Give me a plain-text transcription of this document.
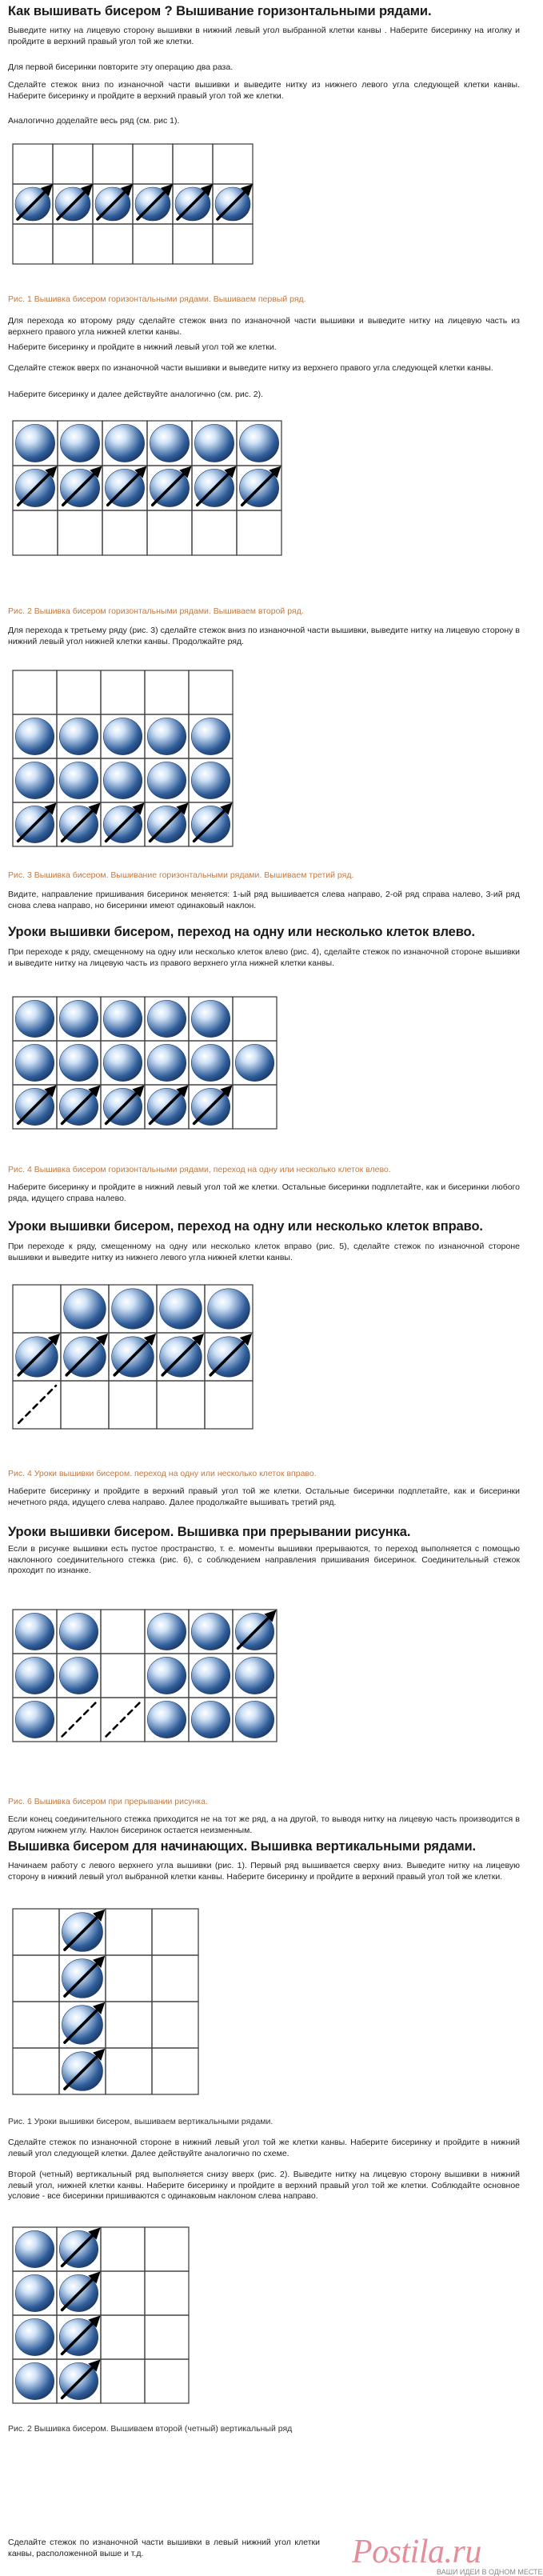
Как вышивать бисером ? Вышивание горизонтальными рядами.

Выведите нитку на лицевую сторону вышивки в нижний левый угол выбранной клетки канвы . Наберите бисеринку на иголку и пройдите в верхний правый угол той же клетки.

Для первой бисеринки повторите эту операцию два раза.

Сделайте стежок вниз по изнаночной части вышивки и выведите нитку из нижнего левого угла следующей клетки канвы. Наберите бисеринку и пройдите в верхний правый угол той же клетки.

Аналогично доделайте весь ряд (см. рис 1).

Рис. 1 Вышивка бисером горизонтальными рядами. Вышиваем первый ряд.

Для перехода ко второму ряду сделайте стежок вниз по изнаночной части вышивки и выведите нитку на лицевую часть из верхнего правого угла нижней клетки канвы.

Наберите бисеринку и пройдите в нижний левый угол той же клетки.

Сделайте стежок вверх по изнаночной части вышивки и выведите нитку из верхнего правого угла следующей клетки канвы.

Наберите бисеринку и далее действуйте аналогично (см. рис. 2).

Рис. 2 Вышивка бисером горизонтальными рядами. Вышиваем второй ряд.

Для перехода к третьему ряду (рис. 3) сделайте стежок вниз по изнаночной части вышивки, выведите нитку на лицевую сторону в нижний левый угол нижней клетки канвы. Продолжайте ряд.

Рис. 3 Вышивка бисером. Вышивание горизонтальными рядами. Вышиваем третий ряд.

Видите, направление пришивания бисеринок меняется: 1-ый ряд вышивается слева направо, 2-ой ряд справа налево, 3-ий ряд снова слева направо, но бисеринки имеют одинаковый наклон.

Уроки вышивки бисером, переход на одну или несколько клеток влево.

При переходе к ряду, смещенному на одну или несколько клеток влево (рис. 4), сделайте стежок по изнаночной стороне вышивки и выведите нитку на лицевую часть из правого верхнего угла нижней клетки канвы.

Рис. 4 Вышивка бисером горизонтальными рядами, переход на одну или несколько клеток влево.

Наберите бисеринку и пройдите в нижний левый угол той же клетки. Остальные бисеринки подплетайте, как и бисеринки любого ряда, идущего справа налево.

Уроки вышивки бисером, переход на одну или несколько клеток вправо.

При переходе к ряду, смещенному на одну или несколько клеток вправо (рис. 5), сделайте стежок по изнаночной стороне вышивки и выведите нитку из нижнего левого угла нижней клетки канвы.

Рис. 4 Уроки вышивки бисером. переход на одну или несколько клеток вправо.

Наберите бисеринку и пройдите в верхний правый угол той же клетки. Остальные бисеринки подплетайте, как и бисеринки нечетного ряда, идущего слева направо. Далее продолжайте вышивать третий ряд.

Уроки вышивки бисером. Вышивка при прерывании рисунка.

Если в рисунке вышивки есть пустое пространство, т. е. моменты вышивки прерываются, то переход выполняется с помощью наклонного соединительного стежка (рис. 6), с соблюдением направления пришивания бисеринок. Соединительный стежок проходит по изнанке.

Рис. 6 Вышивка бисером при прерывании рисунка.

Если конец соединительного стежка приходится не на тот же ряд, а на другой, то выводя нитку на лицевую часть производится в другом нижнем углу. Наклон бисеринок остается неизменным.

Вышивка бисером для начинающих. Вышивка вертикальными рядами.

Начинаем работу с левого верхнего угла вышивки (рис. 1). Первый ряд вышивается сверху вниз. Выведите нитку на лицевую сторону в нижний левый угол выбранной клетки канвы. Наберите бисеринку и пройдите в верхний правый угол той же клетки.

Рис. 1 Уроки вышивки бисером, вышиваем вертикальными рядами.

Сделайте стежок по изнаночной стороне в нижний левый угол той же клетки канвы. Наберите бисеринку и пройдите в нижний левый угол следующей клетки. Далее действуйте аналогично по схеме.

Второй (четный) вертикальный ряд выполняется снизу вверх (рис. 2). Выведите нитку на лицевую сторону вышивки в нижний левый угол, нижней клетки канвы. Наберите бисеринку и пройдите в верхний правый угол той же клетки. Соблюдайте основное условие - все бисеринки пришиваются с одинаковым наклоном слева направо.

Рис. 2 Вышивка бисером. Вышиваем второй (четный) вертикальный ряд

Сделайте стежок по изнаночной части вышивки в левый нижний угол клетки канвы, расположенной выше и т.д.	Postila.ru
ВАШИ ИДЕИ В ОДНОМ МЕСТЕ
